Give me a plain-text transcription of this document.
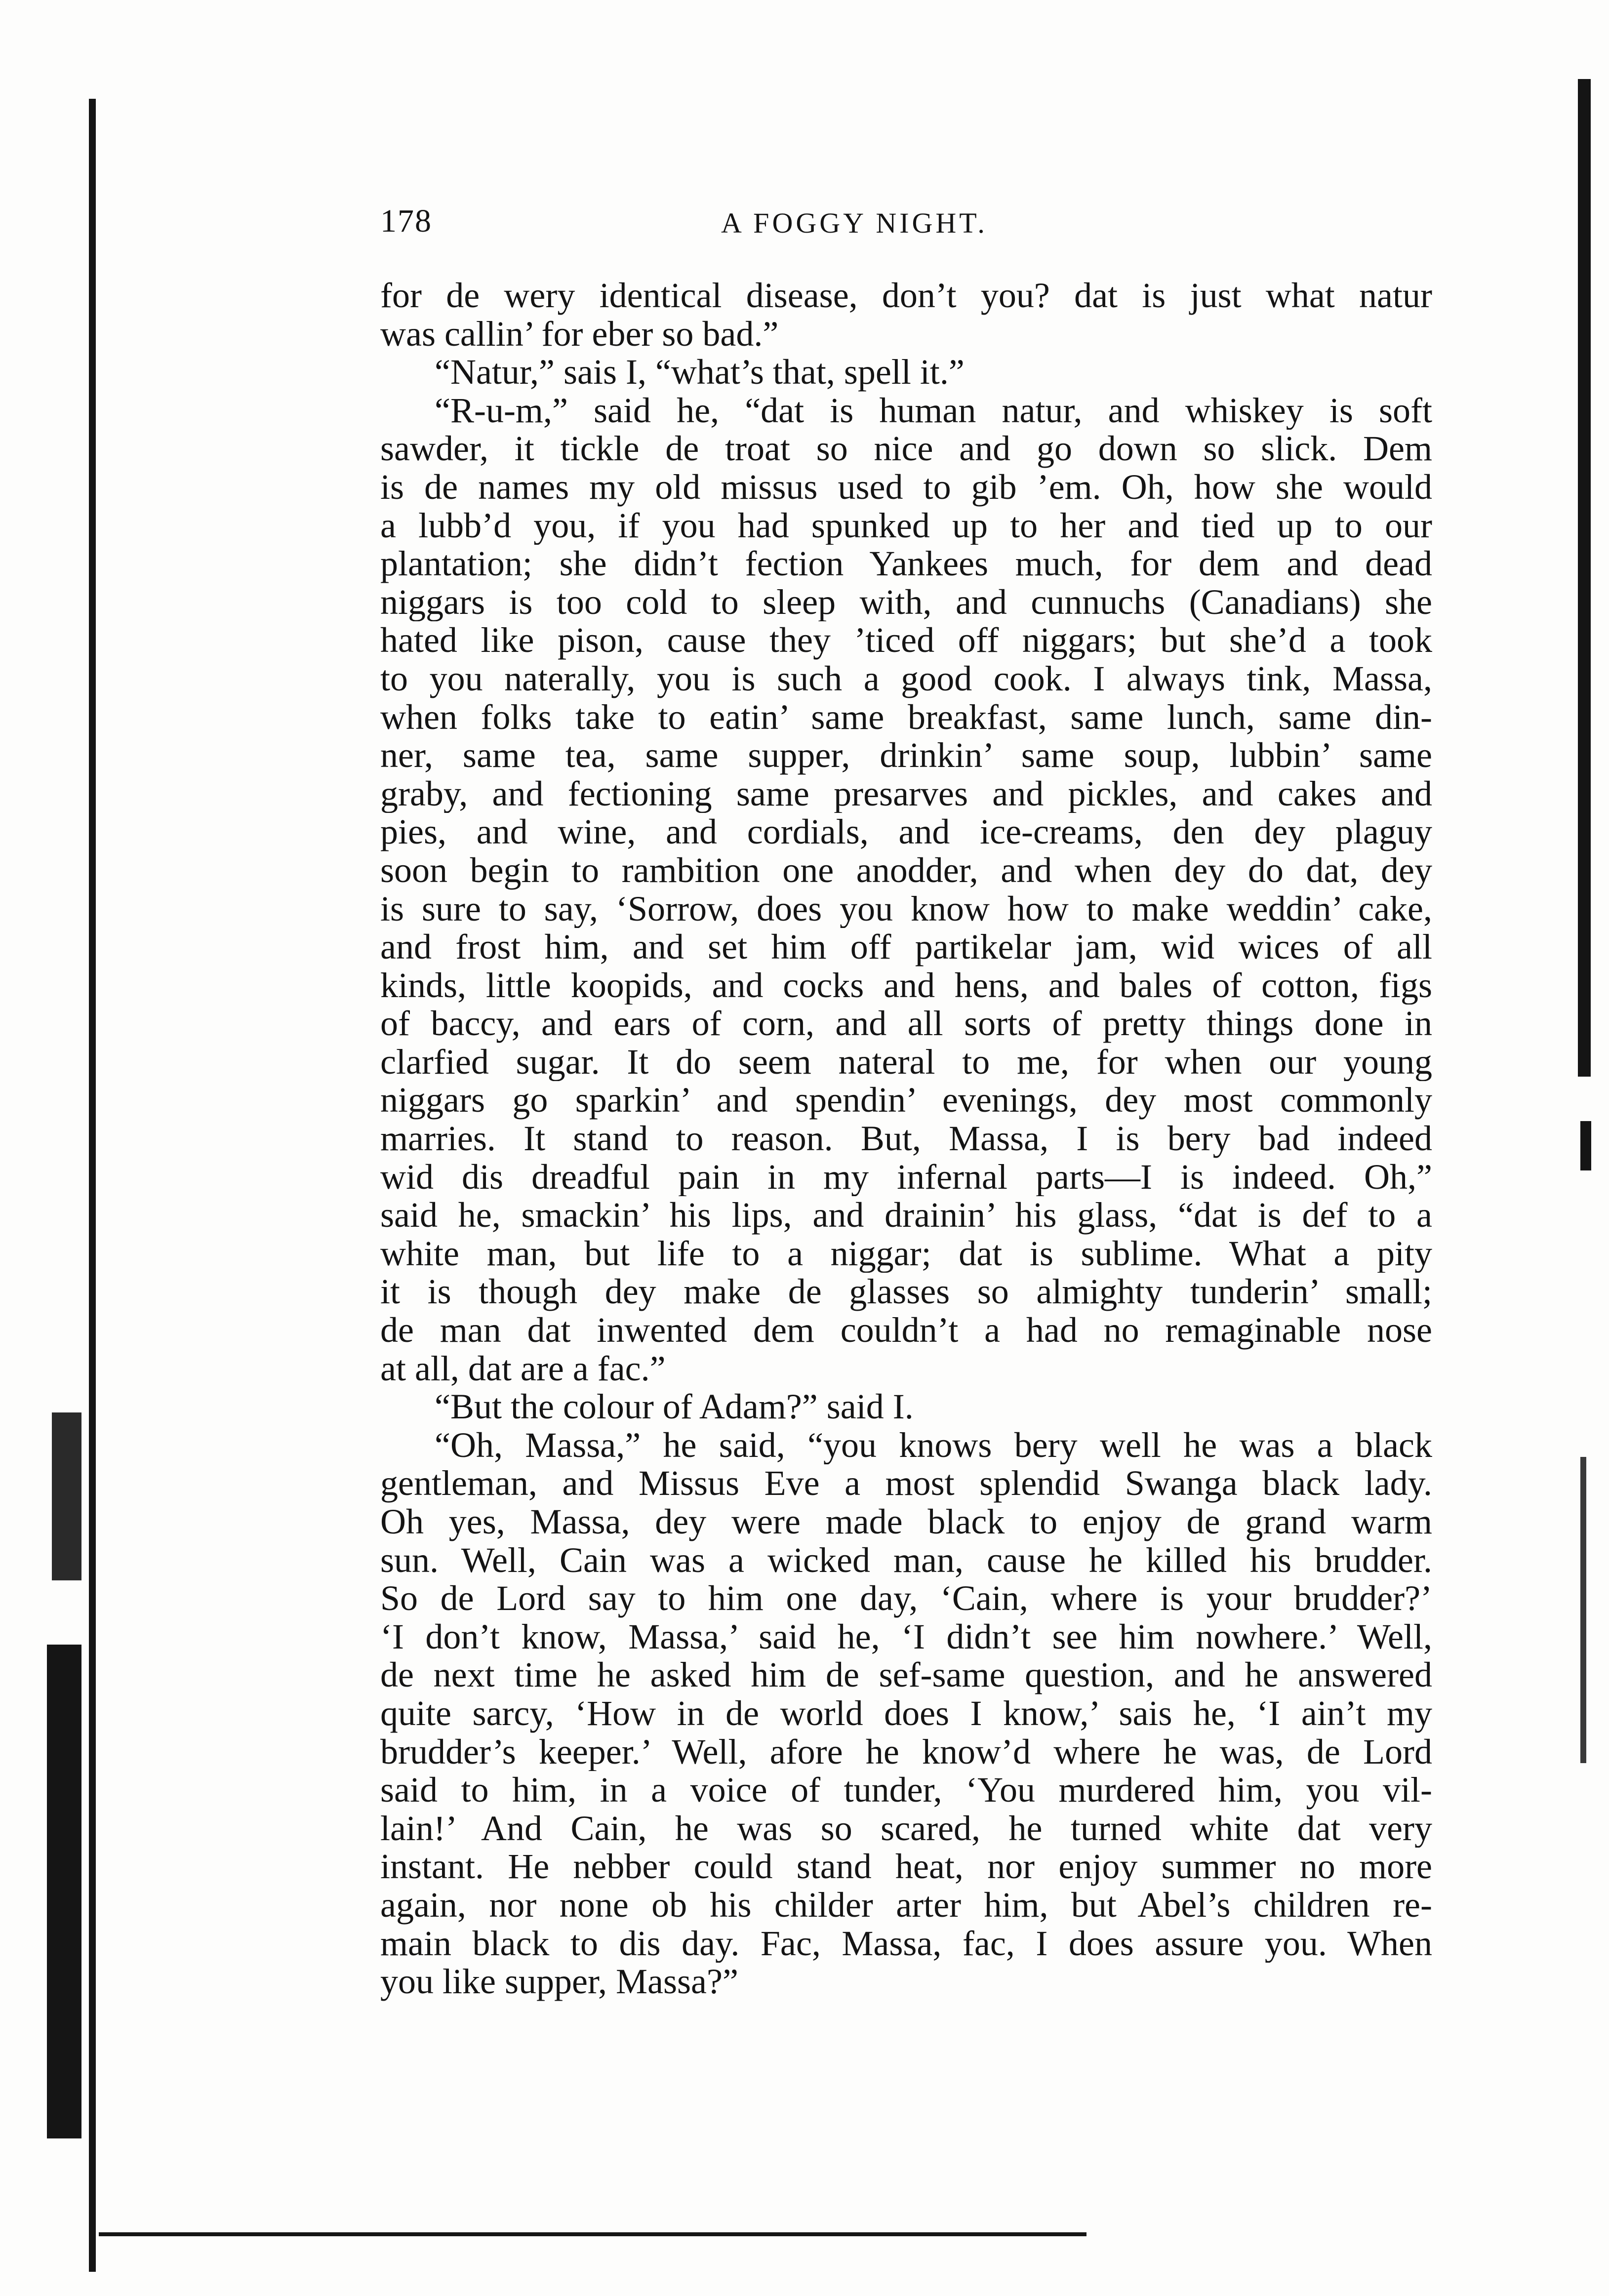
178	A FOGGY NIGHT.
for de wery identical disease, don’t you? dat is just what natur
was callin’ for eber so bad.”
“Natur,” sais I, “what’s that, spell it.”
“R-u-m,” said he, “dat is human natur, and whiskey is soft
sawder, it tickle de troat so nice and go down so slick. Dem
is de names my old missus used to gib ’em. Oh, how she would
a lubb’d you, if you had spunked up to her and tied up to our
plantation; she didn’t fection Yankees much, for dem and dead
niggars is too cold to sleep with, and cunnuchs (Canadians) she
hated like pison, cause they ’ticed off niggars; but she’d a took
to you naterally, you is such a good cook. I always tink, Massa,
when folks take to eatin’ same breakfast, same lunch, same din-
ner, same tea, same supper, drinkin’ same soup, lubbin’ same
graby, and fectioning same presarves and pickles, and cakes and
pies, and wine, and cordials, and ice-creams, den dey plaguy
soon begin to rambition one anodder, and when dey do dat, dey
is sure to say, ‘Sorrow, does you know how to make weddin’ cake,
and frost him, and set him off partikelar jam, wid wices of all
kinds, little koopids, and cocks and hens, and bales of cotton, figs
of baccy, and ears of corn, and all sorts of pretty things done in
clarfied sugar. It do seem nateral to me, for when our young
niggars go sparkin’ and spendin’ evenings, dey most commonly
marries. It stand to reason. But, Massa, I is bery bad indeed
wid dis dreadful pain in my infernal parts—I is indeed. Oh,”
said he, smackin’ his lips, and drainin’ his glass, “dat is def to a
white man, but life to a niggar; dat is sublime. What a pity
it is though dey make de glasses so almighty tunderin’ small;
de man dat inwented dem couldn’t a had no remaginable nose
at all, dat are a fac.”
“But the colour of Adam?” said I.
“Oh, Massa,” he said, “you knows bery well he was a black
gentleman, and Missus Eve a most splendid Swanga black lady.
Oh yes, Massa, dey were made black to enjoy de grand warm
sun. Well, Cain was a wicked man, cause he killed his brudder.
So de Lord say to him one day, ‘Cain, where is your brudder?’
‘I don’t know, Massa,’ said he, ‘I didn’t see him nowhere.’ Well,
de next time he asked him de sef-same question, and he answered
quite sarcy, ‘How in de world does I know,’ sais he, ‘I ain’t my
brudder’s keeper.’ Well, afore he know’d where he was, de Lord
said to him, in a voice of tunder, ‘You murdered him, you vil-
lain!’ And Cain, he was so scared, he turned white dat very
instant. He nebber could stand heat, nor enjoy summer no more
again, nor none ob his childer arter him, but Abel’s children re-
main black to dis day. Fac, Massa, fac, I does assure you. When
you like supper, Massa?”
